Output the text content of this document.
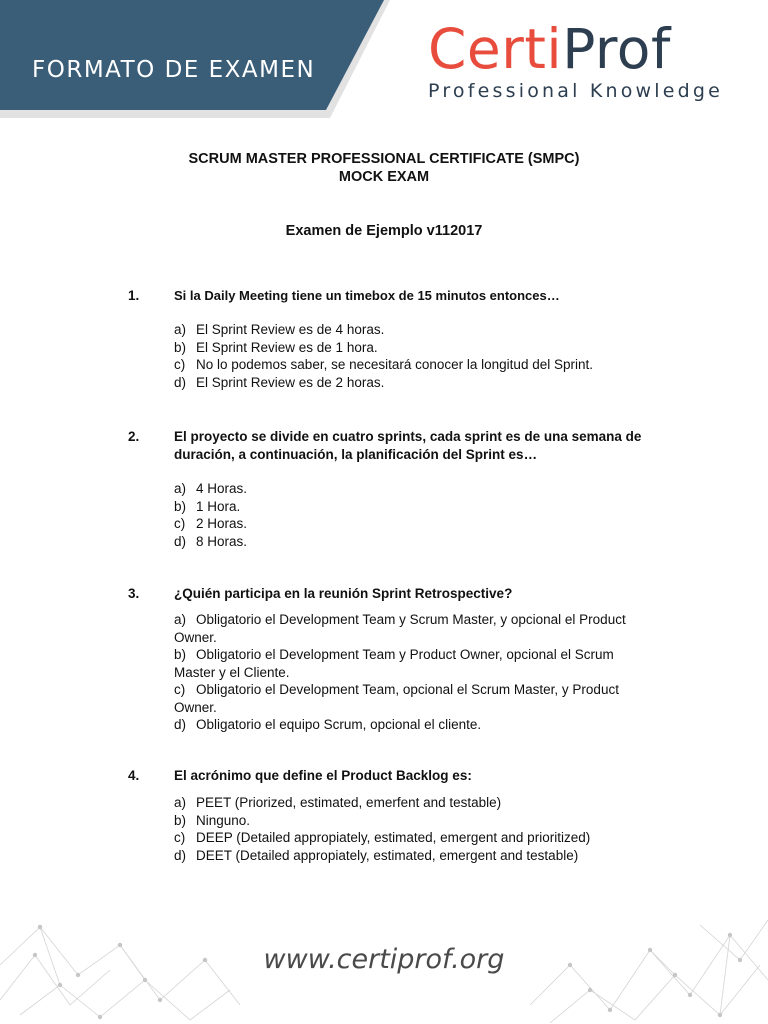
FORMATO DE EXAMEN CertiProf
Professional Knowledge
SCRUM MASTER PROFESSIONAL CERTIFICATE (SMPC)
MOCK EXAM
Examen de Ejemplo v112017
1.	Si la Daily Meeting tiene un timebox de 15 minutos entonces…
a) El Sprint Review es de 4 horas.
b) El Sprint Review es de 1 hora.
c) No lo podemos saber, se necesitará conocer la longitud del Sprint.
d) El Sprint Review es de 2 horas.
2.	El proyecto se divide en cuatro sprints, cada sprint es de una semana de duración, a continuación, la planificación del Sprint es…
a) 4 Horas.
b) 1 Hora.
c) 2 Horas.
d) 8 Horas.
3.	¿Quién participa en la reunión Sprint Retrospective?
a) Obligatorio el Development Team y Scrum Master, y opcional el Product Owner.
b) Obligatorio el Development Team y Product Owner, opcional el Scrum Master y el Cliente.
c) Obligatorio el Development Team, opcional el Scrum Master, y Product Owner.
d) Obligatorio el equipo Scrum, opcional el cliente.
4.	El acrónimo que define el Product Backlog es:
a) PEET (Priorized, estimated, emerfent and testable)
b) Ninguno.
c) DEEP (Detailed appropiately, estimated, emergent and prioritized)
d) DEET (Detailed appropiately, estimated, emergent and testable)
www.certiprof.org
